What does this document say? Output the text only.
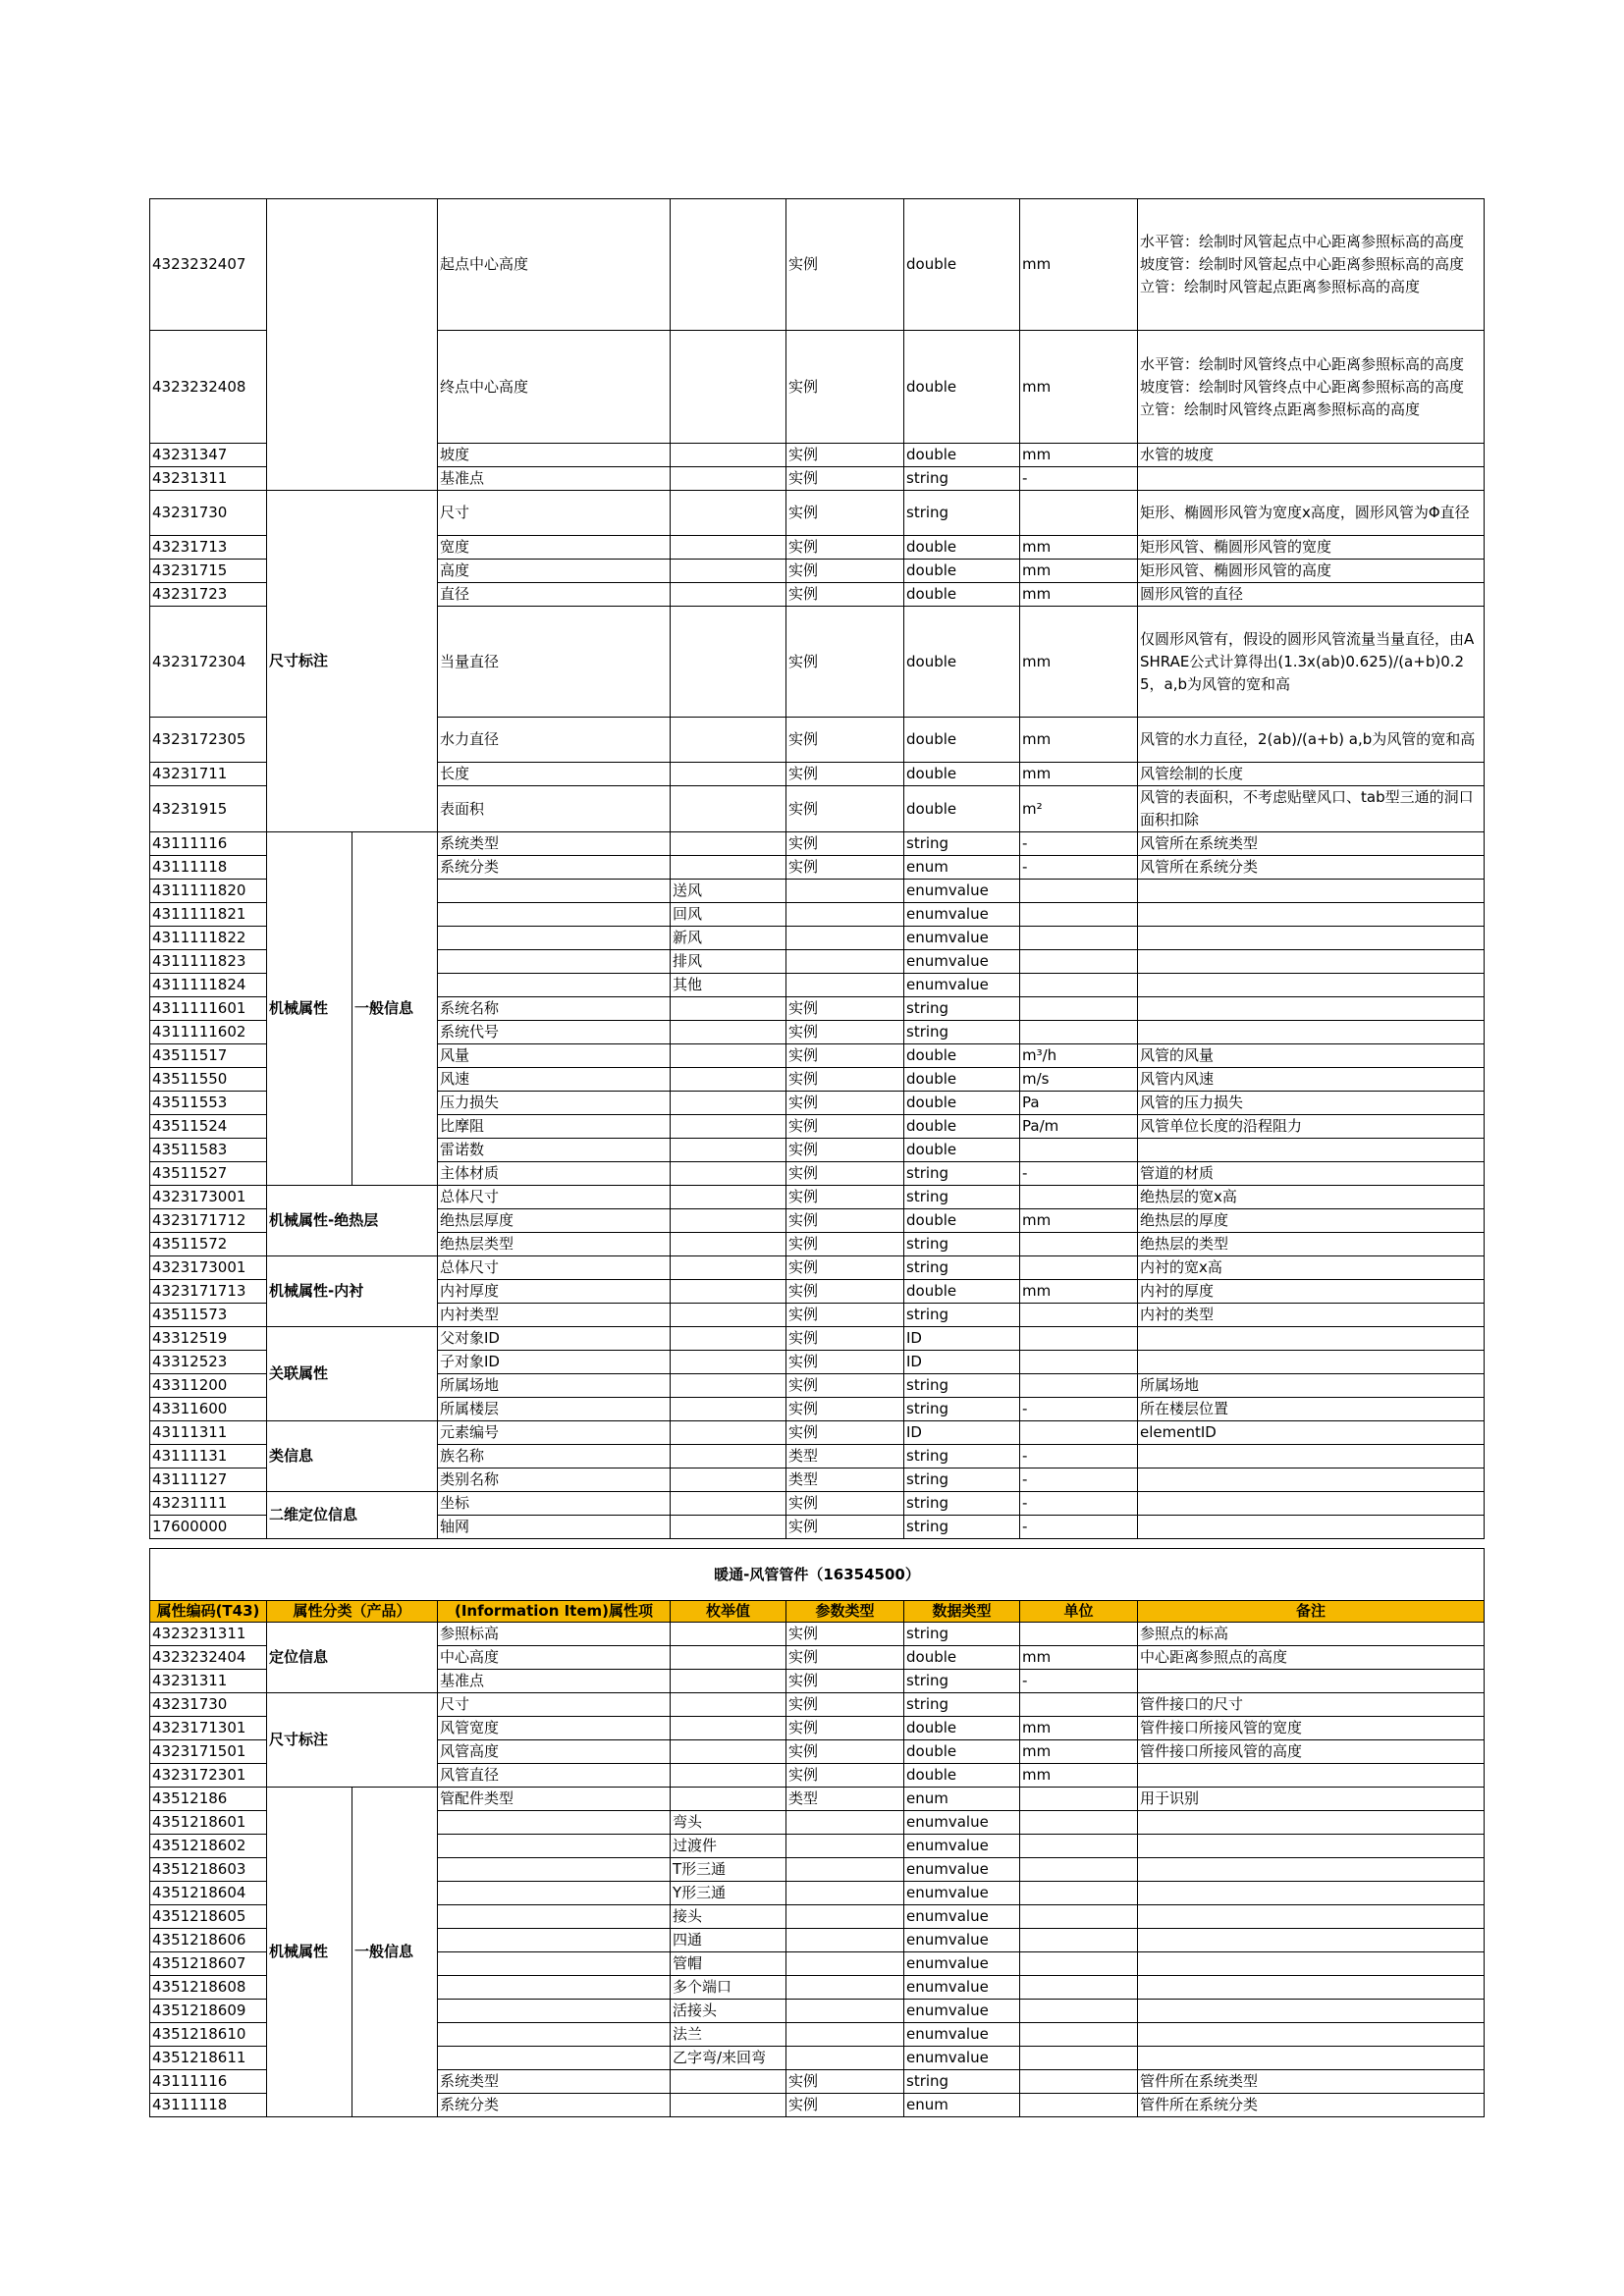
4323232407			起点中心高度		实例	double	mm	水平管：绘制时风管起点中心距离参照标高的高度　　坡度管：绘制时风管起点中心距离参照标高的高度　　　　　　　　立管：绘制时风管起点距离参照标高的高度
4323232408			终点中心高度		实例	double	mm	水平管：绘制时风管终点中心距离参照标高的高度　　坡度管：绘制时风管终点中心距离参照标高的高度　　立管：绘制时风管终点距离参照标高的高度
43231347			坡度		实例	double	mm	水管的坡度
43231311			基准点		实例	string	-	
43231730	尺寸标注		尺寸		实例	string		矩形、椭圆形风管为宽度x高度，圆形风管为Φ直径
43231713			宽度		实例	double	mm	矩形风管、椭圆形风管的宽度
43231715			高度		实例	double	mm	矩形风管、椭圆形风管的高度
43231723			直径		实例	double	mm	圆形风管的直径
4323172304			当量直径		实例	double	mm	仅圆形风管有，假设的圆形风管流量当量直径，由ASHRAE公式计算得出(1.3x(ab)0.625)/(a+b)0.25，a,b为风管的宽和高
4323172305			水力直径		实例	double	mm	风管的水力直径，2(ab)/(a+b) a,b为风管的宽和高
43231711			长度		实例	double	mm	风管绘制的长度
43231915			表面积		实例	double	m²	风管的表面积，不考虑贴壁风口、tab型三通的洞口面积扣除
43111116	机械属性	一般信息	系统类型		实例	string	-	风管所在系统类型
43111118			系统分类		实例	enum	-	风管所在系统分类
4311111820				送风		enumvalue		
4311111821				回风		enumvalue		
4311111822				新风		enumvalue		
4311111823				排风		enumvalue		
4311111824				其他		enumvalue		
4311111601			系统名称		实例	string		
4311111602			系统代号		实例	string		
43511517			风量		实例	double	m³/h	风管的风量
43511550			风速		实例	double	m/s	风管内风速
43511553			压力损失		实例	double	Pa	风管的压力损失
43511524			比摩阻		实例	double	Pa/m	风管单位长度的沿程阻力
43511583			雷诺数		实例	double		
43511527			主体材质		实例	string	-	管道的材质
4323173001	机械属性-绝热层		总体尺寸		实例	string		绝热层的宽x高
4323171712			绝热层厚度		实例	double	mm	绝热层的厚度
43511572			绝热层类型		实例	string		绝热层的类型
4323173001	机械属性-内衬		总体尺寸		实例	string		内衬的宽x高
4323171713			内衬厚度		实例	double	mm	内衬的厚度
43511573			内衬类型		实例	string		内衬的类型
43312519	关联属性		父对象ID		实例	ID		
43312523			子对象ID		实例	ID		
43311200			所属场地		实例	string		所属场地
43311600			所属楼层		实例	string	-	所在楼层位置
43111311	类信息		元素编号		实例	ID		elementID
43111131			族名称		类型	string	-	
43111127			类别名称		类型	string	-	
43231111	二维定位信息		坐标		实例	string	-	
17600000			轴网		实例	string	-	
暖通-风管管件（16354500）								
属性编码(T43)	属性分类（产品）		(Information Item)属性项	枚举值	参数类型	数据类型	单位	备注
4323231311	定位信息		参照标高		实例	string		参照点的标高
4323232404			中心高度		实例	double	mm	中心距离参照点的高度
43231311			基准点		实例	string	-	
43231730	尺寸标注		尺寸		实例	string		管件接口的尺寸
4323171301			风管宽度		实例	double	mm	管件接口所接风管的宽度
4323171501			风管高度		实例	double	mm	管件接口所接风管的高度
4323172301			风管直径		实例	double	mm	
43512186	机械属性	一般信息	管配件类型		类型	enum		用于识别
4351218601				弯头		enumvalue		
4351218602				过渡件		enumvalue		
4351218603				T形三通		enumvalue		
4351218604				Y形三通		enumvalue		
4351218605				接头		enumvalue		
4351218606				四通		enumvalue		
4351218607				管帽		enumvalue		
4351218608				多个端口		enumvalue		
4351218609				活接头		enumvalue		
4351218610				法兰		enumvalue		
4351218611				乙字弯/来回弯		enumvalue		
43111116			系统类型		实例	string		管件所在系统类型
43111118			系统分类		实例	enum		管件所在系统分类
